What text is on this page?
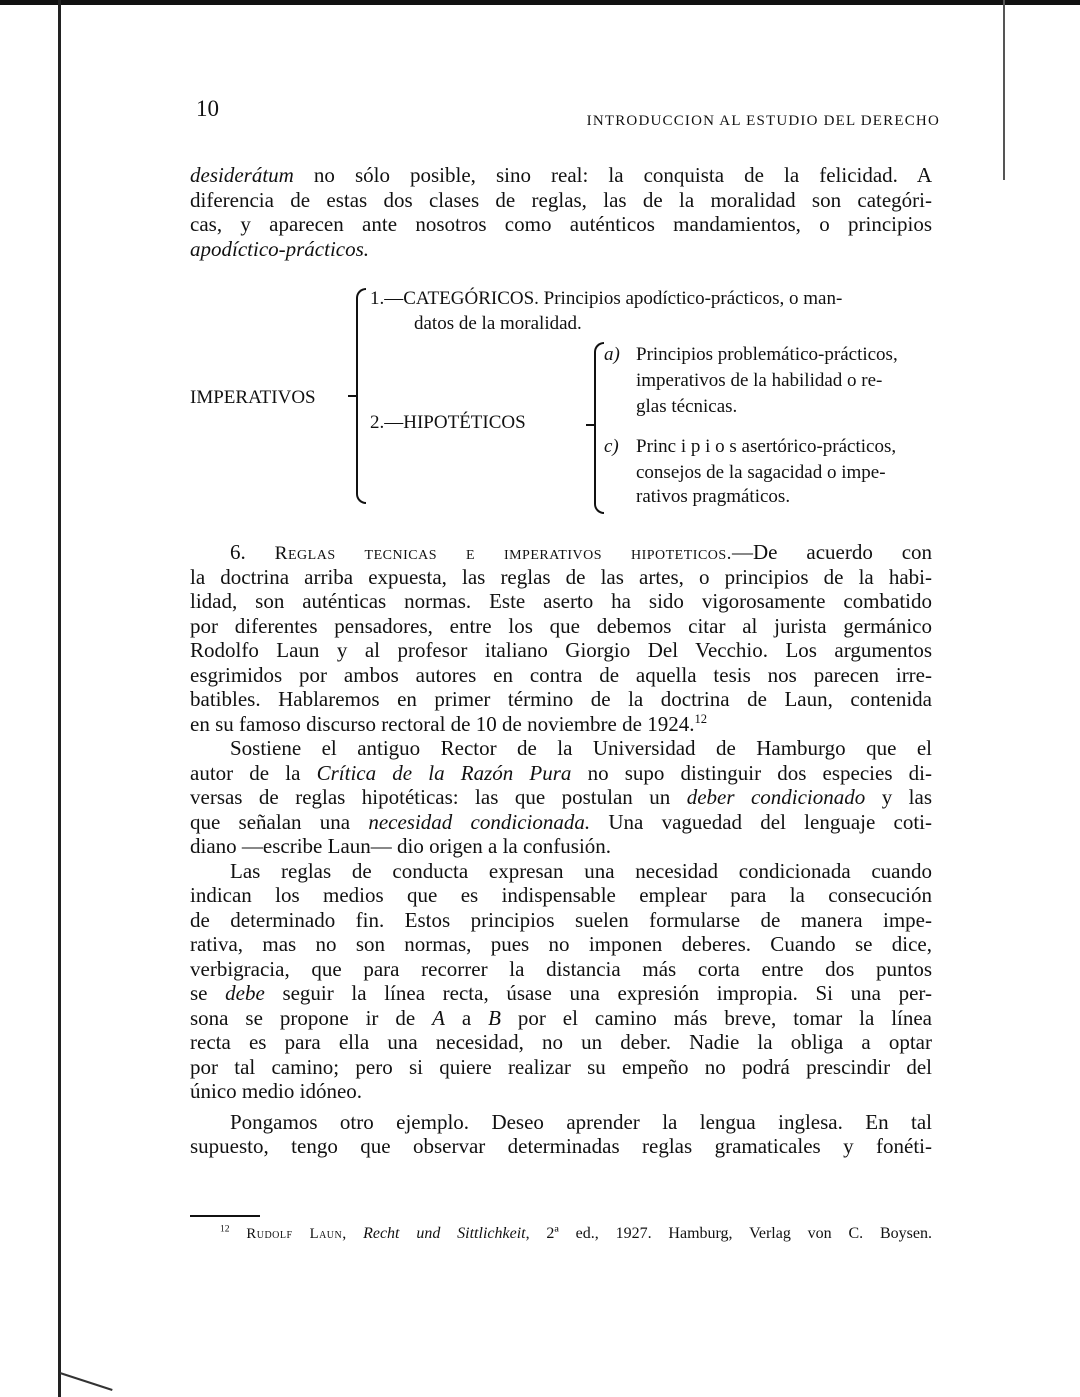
10	INTRODUCCION AL ESTUDIO DEL DERECHO
desiderátum no sólo posible, sino real: la conquista de la felicidad. A
diferencia de estas dos clases de reglas, las de la moralidad son categóri-
cas, y aparecen ante nosotros como auténticos mandamientos, o principios
apodíctico-prácticos.
IMPERATIVOS
1.—CATEGÓRICOS. Principios apodíctico-prácticos, o man-
datos de la moralidad.
2.—HIPOTÉTICOS
a) Principios problemático-prácticos,
imperativos de la habilidad o re-
glas técnicas.
c) Princ i p i o s asertórico-prácticos,
consejos de la sagacidad o impe-
rativos pragmáticos.
6. Reglas tecnicas e imperativos hipoteticos.—De acuerdo con
la doctrina arriba expuesta, las reglas de las artes, o principios de la habi-
lidad, son auténticas normas. Este aserto ha sido vigorosamente combatido
por diferentes pensadores, entre los que debemos citar al jurista germánico
Rodolfo Laun y al profesor italiano Giorgio Del Vecchio. Los argumentos
esgrimidos por ambos autores en contra de aquella tesis nos parecen irre-
batibles. Hablaremos en primer término de la doctrina de Laun, contenida
en su famoso discurso rectoral de 10 de noviembre de 1924.12
Sostiene el antiguo Rector de la Universidad de Hamburgo que el
autor de la Crítica de la Razón Pura no supo distinguir dos especies di-
versas de reglas hipotéticas: las que postulan un deber condicionado y las
que señalan una necesidad condicionada. Una vaguedad del lenguaje coti-
diano —escribe Laun— dio origen a la confusión.
Las reglas de conducta expresan una necesidad condicionada cuando
indican los medios que es indispensable emplear para la consecución
de determinado fin. Estos principios suelen formularse de manera impe-
rativa, mas no son normas, pues no imponen deberes. Cuando se dice,
verbigracia, que para recorrer la distancia más corta entre dos puntos
se debe seguir la línea recta, úsase una expresión impropia. Si una per-
sona se propone ir de A a B por el camino más breve, tomar la línea
recta es para ella una necesidad, no un deber. Nadie la obliga a optar
por tal camino; pero si quiere realizar su empeño no podrá prescindir del
único medio idóneo.
Pongamos otro ejemplo. Deseo aprender la lengua inglesa. En tal
supuesto, tengo que observar determinadas reglas gramaticales y fonéti-
$^{12}$ Rudolf Laun, Recht und Sittlichkeit, 2ª ed., 1927. Hamburg, Verlag von C. Boysen.
